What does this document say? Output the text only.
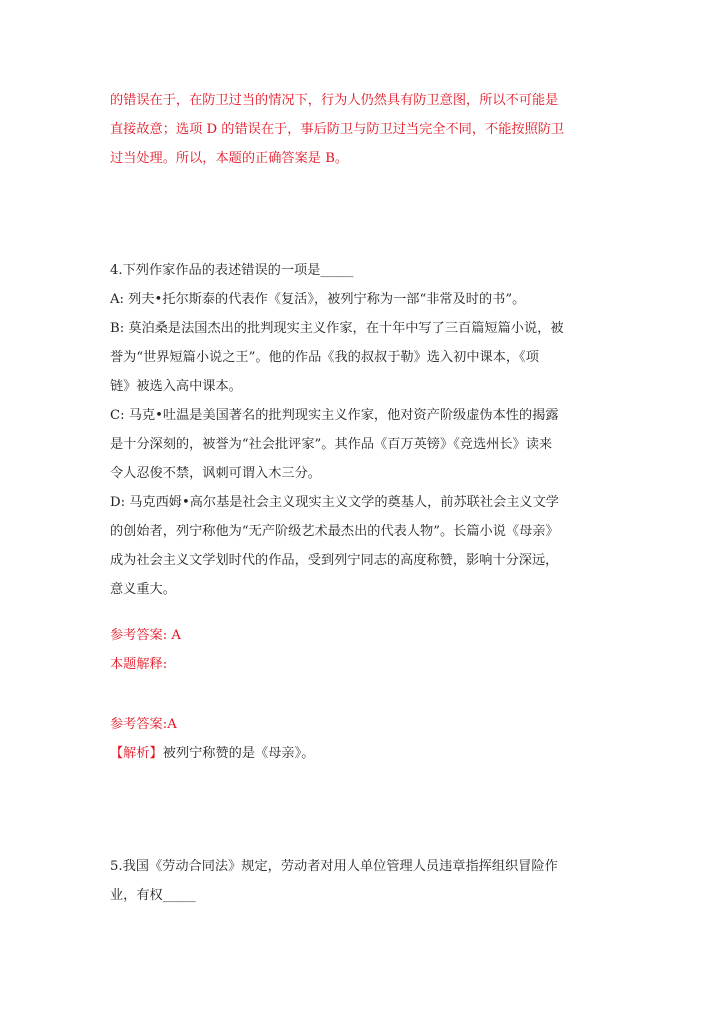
的错误在于，在防卫过当的情况下，行为人仍然具有防卫意图，所以不可能是
直接故意；选项 D 的错误在于，事后防卫与防卫过当完全不同，不能按照防卫
过当处理。所以，本题的正确答案是 B。
4.下列作家作品的表述错误的一项是_____
A: 列夫•托尔斯泰的代表作《复活》，被列宁称为一部“非常及时的书”。
B: 莫泊桑是法国杰出的批判现实主义作家，在十年中写了三百篇短篇小说，被
誉为“世界短篇小说之王”。他的作品《我的叔叔于勒》选入初中课本，《项
链》被选入高中课本。
C: 马克•吐温是美国著名的批判现实主义作家，他对资产阶级虚伪本性的揭露
是十分深刻的，被誉为“社会批评家”。其作品《百万英镑》《竞选州长》读来
令人忍俊不禁，讽刺可谓入木三分。
D: 马克西姆•高尔基是社会主义现实主义文学的奠基人，前苏联社会主义文学
的创始者，列宁称他为“无产阶级艺术最杰出的代表人物”。长篇小说《母亲》
成为社会主义文学划时代的作品，受到列宁同志的高度称赞，影响十分深远，
意义重大。
参考答案: A
本题解释:
参考答案:A
【解析】被列宁称赞的是《母亲》。
5.我国《劳动合同法》规定，劳动者对用人单位管理人员违章指挥组织冒险作
业，有权_____
